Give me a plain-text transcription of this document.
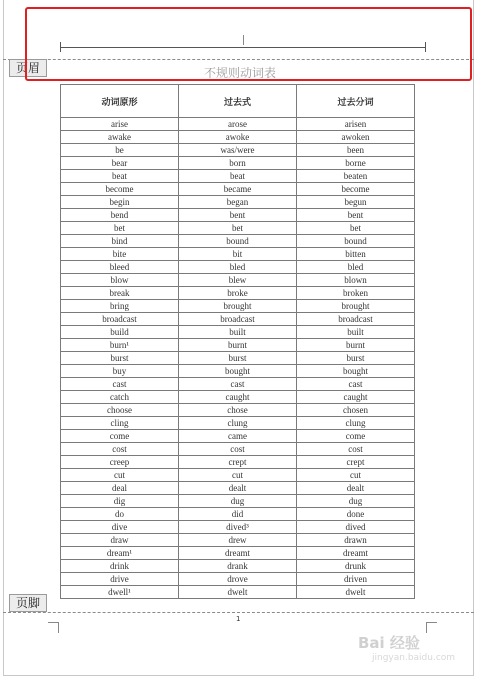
页眉	不规则动词表
动词原形	过去式	过去分词
arise	arose	arisen
awake	awoke	awoken
be	was/were	been
bear	born	borne
beat	beat	beaten
become	became	become
begin	began	begun
bend	bent	bent
bet	bet	bet
bind	bound	bound
bite	bit	bitten
bleed	bled	bled
blow	blew	blown
break	broke	broken
bring	brought	brought
broadcast	broadcast	broadcast
build	built	built
burn¹	burnt	burnt
burst	burst	burst
buy	bought	bought
cast	cast	cast
catch	caught	caught
choose	chose	chosen
cling	clung	clung
come	came	come
cost	cost	cost
creep	crept	crept
cut	cut	cut
deal	dealt	dealt
dig	dug	dug
do	did	done
dive	dived³	dived
draw	drew	drawn
dream¹	dreamt	dreamt
drink	drank	drunk
drive	drove	driven
dwell¹	dwelt	dwelt
页脚
1
Bai 经验
jingyan.baidu.com
